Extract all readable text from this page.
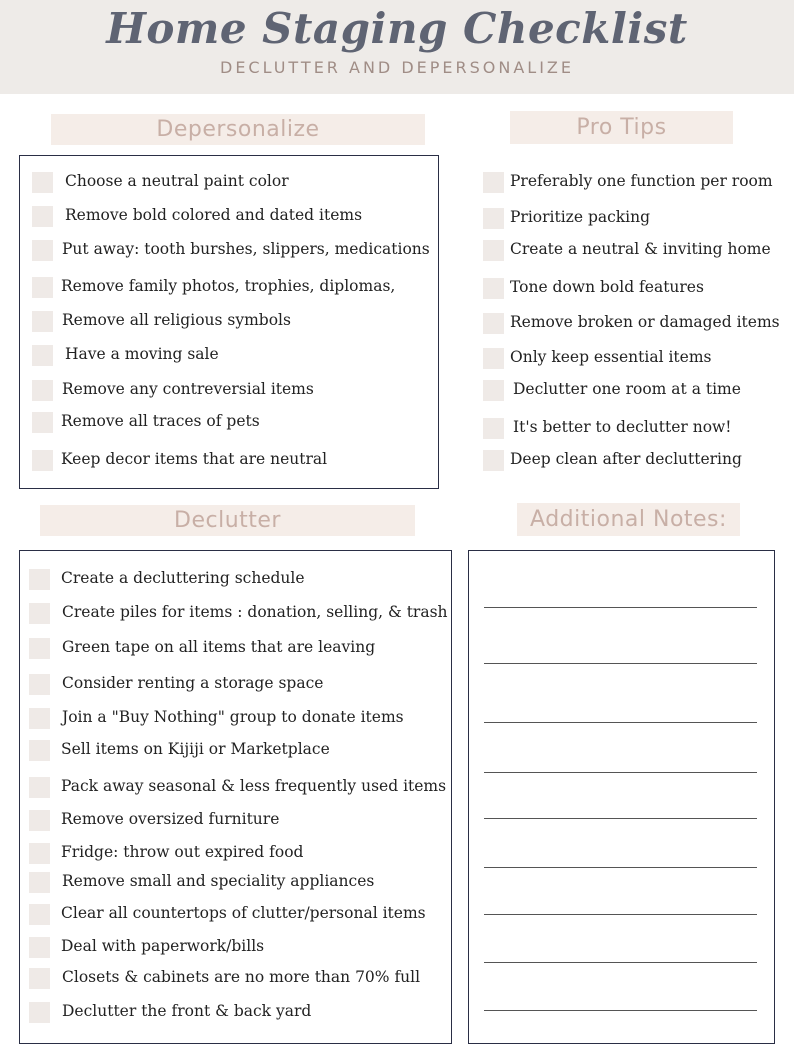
Home Staging Checklist
DECLUTTER AND DEPERSONALIZE
Depersonalize
Choose a neutral paint color
Remove bold colored and dated items
Put away: tooth burshes, slippers, medications
Remove family photos, trophies, diplomas,
Remove all religious symbols
Have a moving sale
Remove any contreversial items
Remove all traces of pets
Keep decor items that are neutral
Pro Tips
Preferably one function per room
Prioritize packing
Create a neutral & inviting home
Tone down bold features
Remove broken or damaged items
Only keep essential items
Declutter one room at a time
It's better to declutter now!
Deep clean after decluttering
Declutter
Create a decluttering schedule
Create piles for items : donation, selling, & trash
Green tape on all items that are leaving
Consider renting a storage space
Join a "Buy Nothing" group to donate items
Sell items on Kijiji or Marketplace
Pack away seasonal & less frequently used items
Remove oversized furniture
Fridge: throw out expired food
Remove small and speciality appliances
Clear all countertops of clutter/personal items
Deal with paperwork/bills
Closets & cabinets are no more than 70% full
Declutter the front & back yard
Additional Notes:
